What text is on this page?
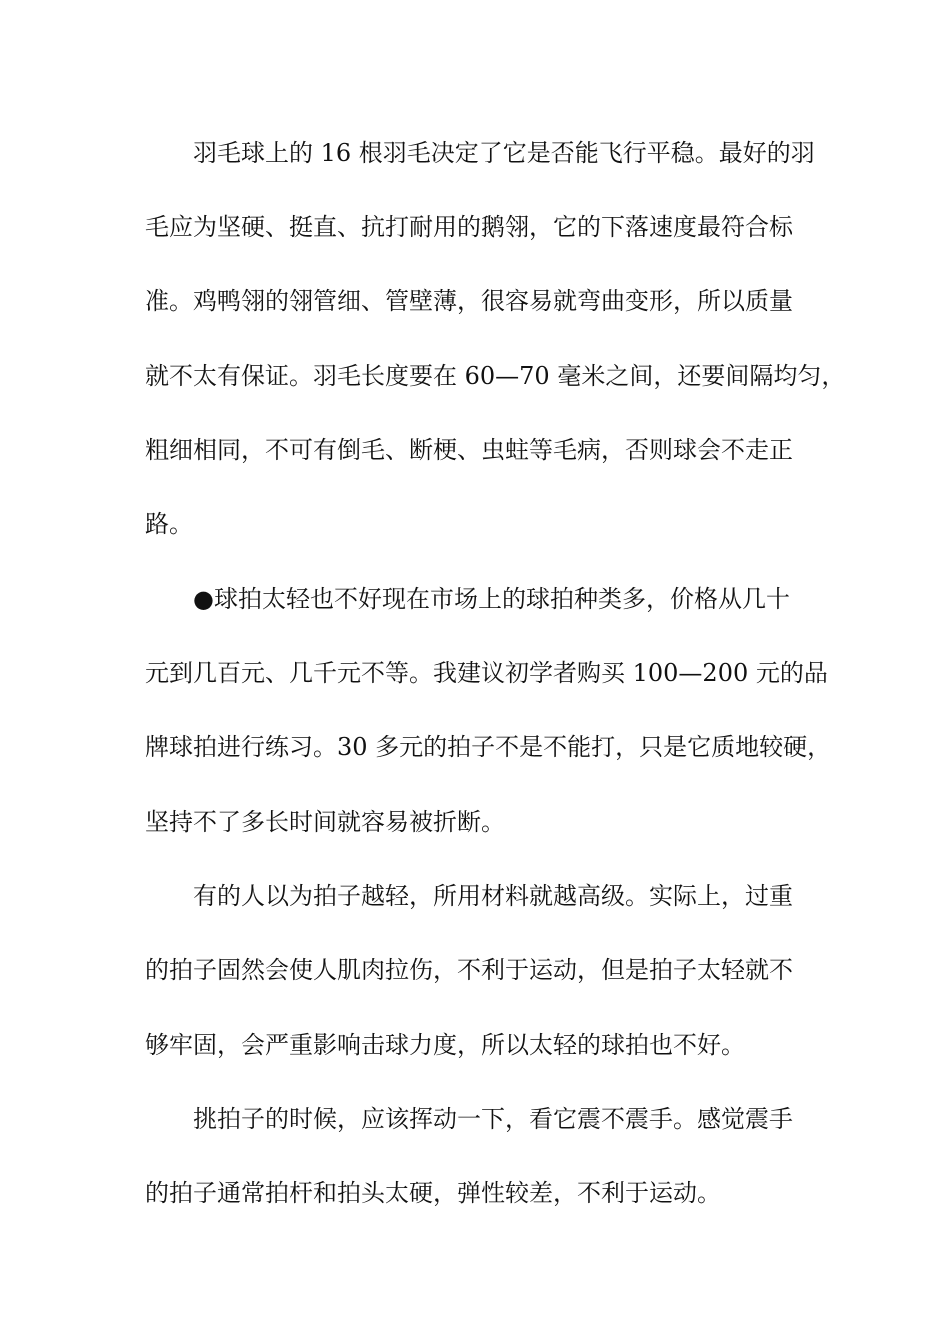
羽毛球上的 16 根羽毛决定了它是否能飞行平稳。最好的羽
毛应为坚硬、挺直、抗打耐用的鹅翎，它的下落速度最符合标
准。鸡鸭翎的翎管细、管壁薄，很容易就弯曲变形，所以质量
就不太有保证。羽毛长度要在 60—70 毫米之间，还要间隔均匀，
粗细相同，不可有倒毛、断梗、虫蛀等毛病，否则球会不走正
路。
●球拍太轻也不好现在市场上的球拍种类多，价格从几十
元到几百元、几千元不等。我建议初学者购买 100—200 元的品
牌球拍进行练习。30 多元的拍子不是不能打，只是它质地较硬，
坚持不了多长时间就容易被折断。
有的人以为拍子越轻，所用材料就越高级。实际上，过重
的拍子固然会使人肌肉拉伤，不利于运动，但是拍子太轻就不
够牢固，会严重影响击球力度，所以太轻的球拍也不好。
挑拍子的时候，应该挥动一下，看它震不震手。感觉震手
的拍子通常拍杆和拍头太硬，弹性较差，不利于运动。
